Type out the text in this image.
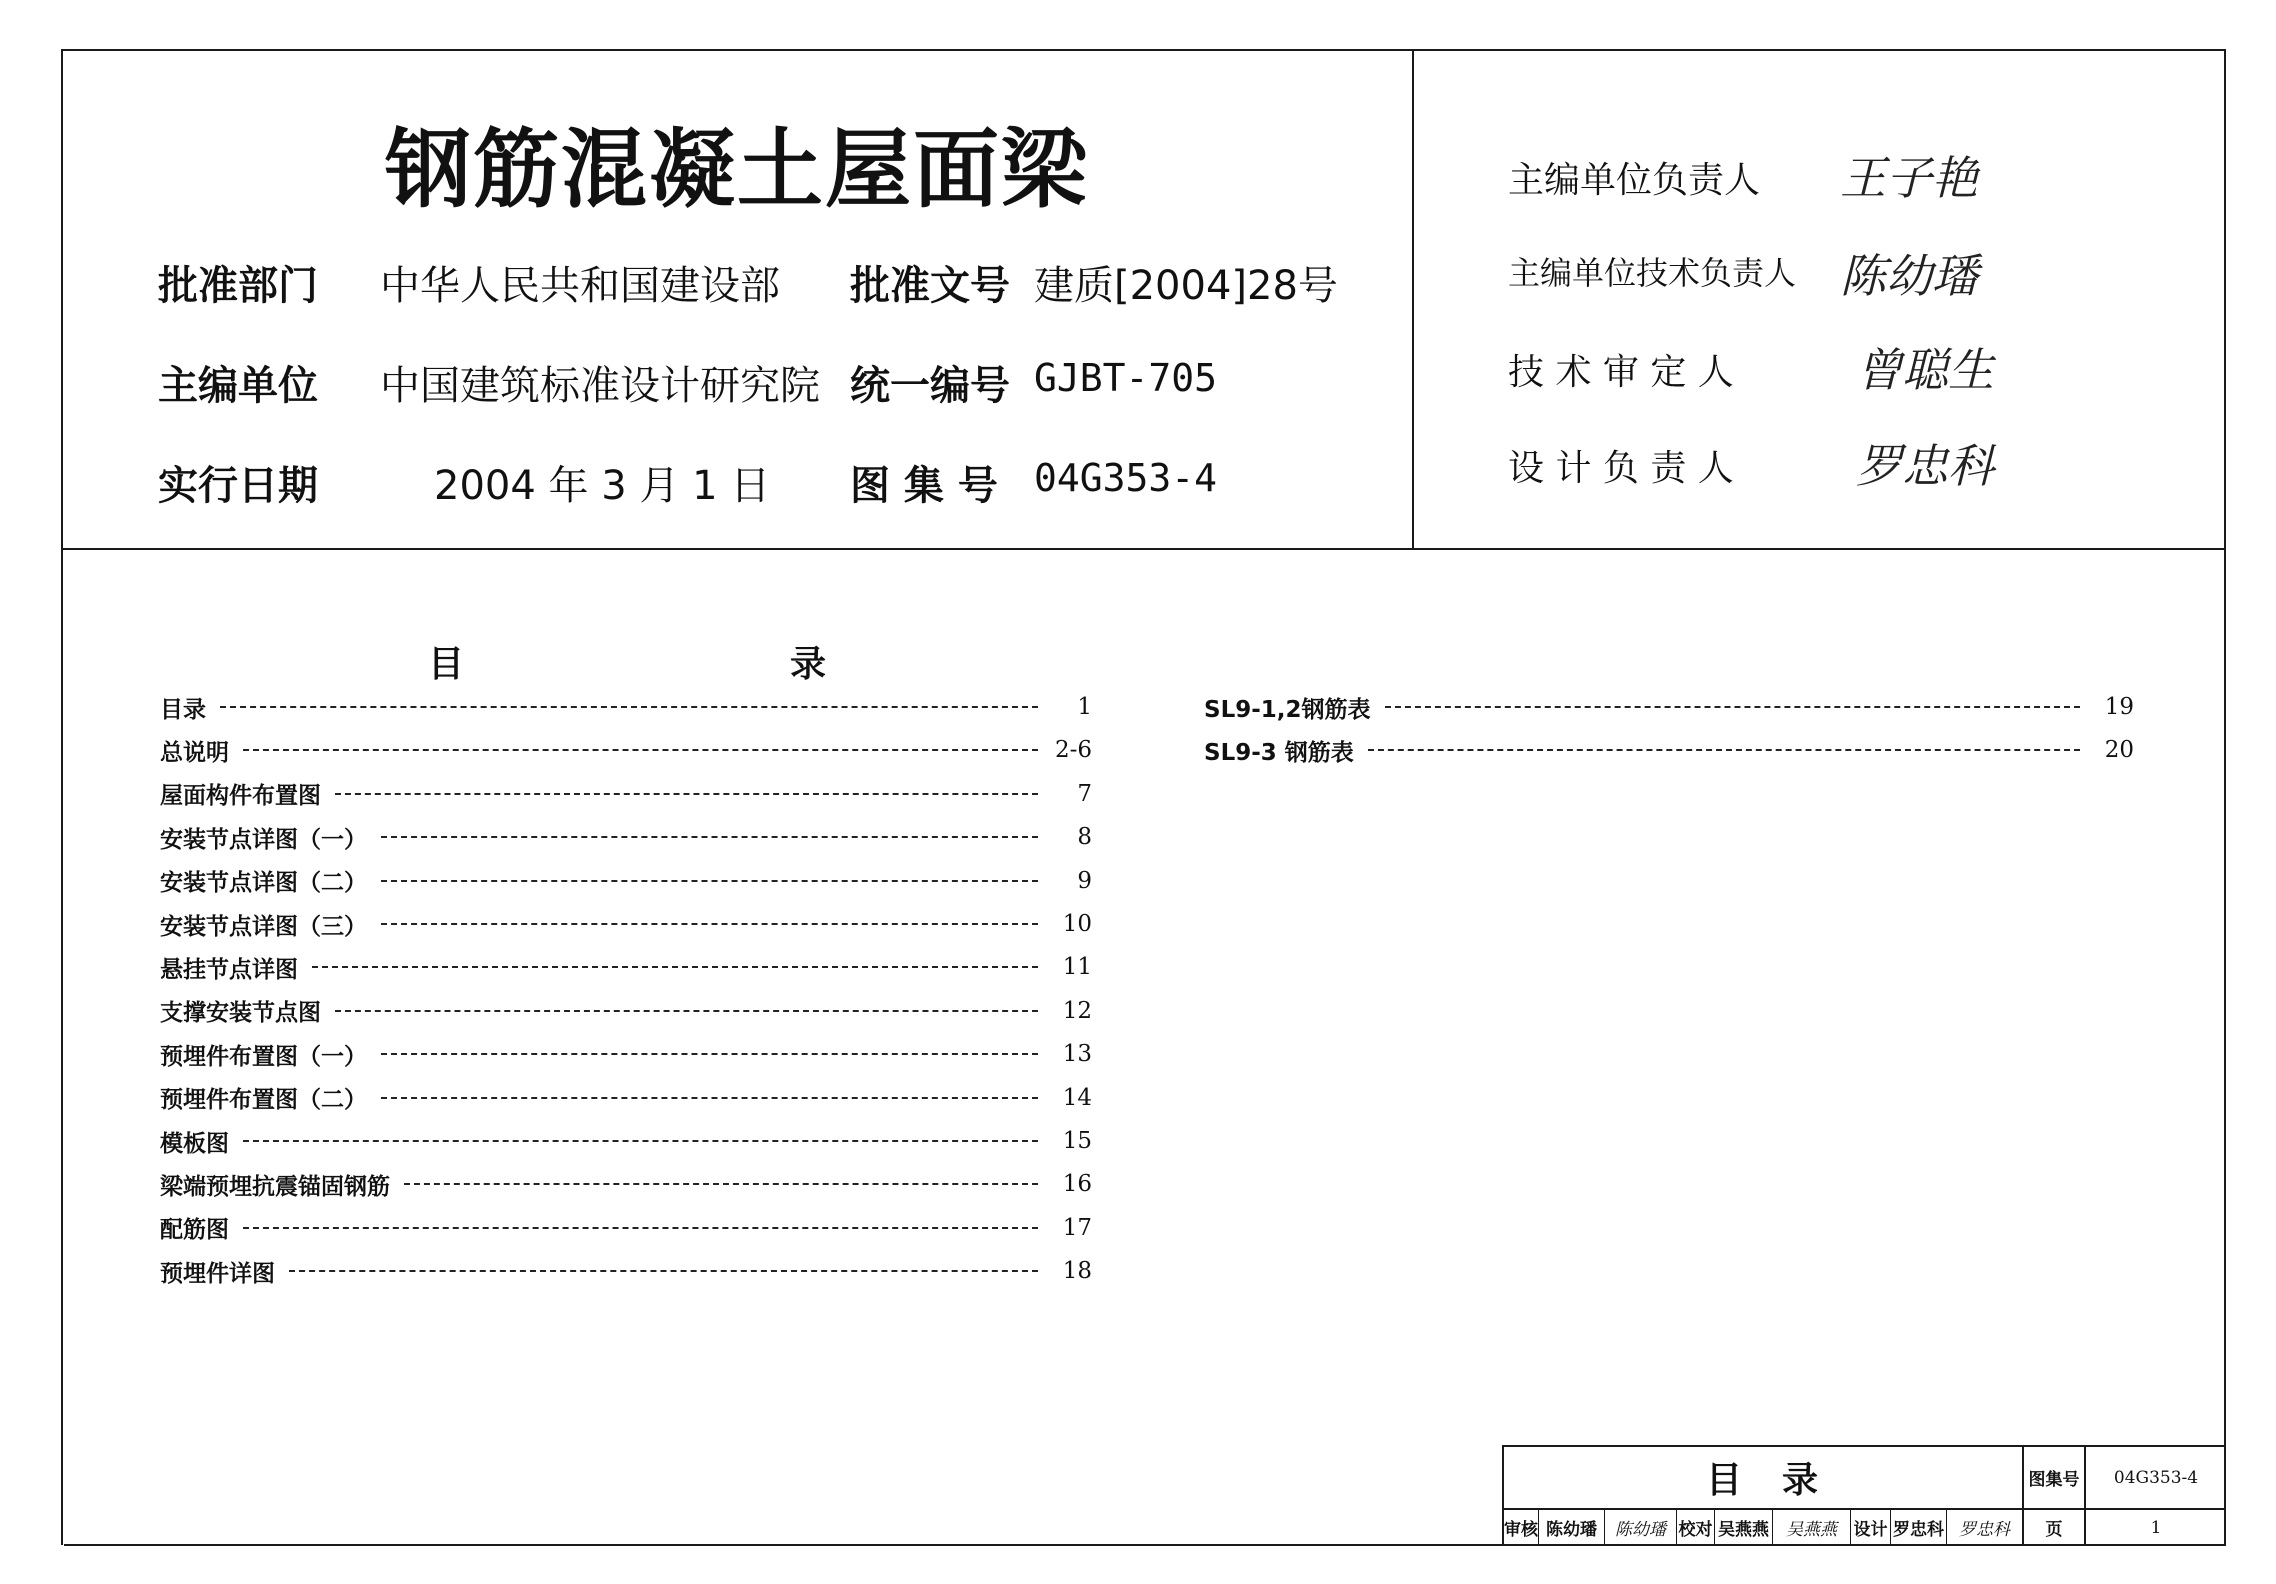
钢筋混凝土屋面梁
批准部门 中华人民共和国建设部 批准文号 建质[2004]28号
主编单位 中国建筑标准设计研究院 统一编号 GJBT-705
实行日期	2004 年 3 月 1 日 图 集 号 04G353-4
主编单位负责人 王子艳
主编单位技术负责人 陈幼璠
技 术 审 定 人	曾聪生
设 计 负 责 人	罗忠科
目	录
目录	1
总说明	2-6
屋面构件布置图	7
安装节点详图（一）	8
安装节点详图（二）	9
安装节点详图（三）	10
悬挂节点详图	11
支撑安装节点图	12
预埋件布置图（一）	13
预埋件布置图（二）	14
模板图	15
梁端预埋抗震锚固钢筋	16
配筋图	17
预埋件详图	18
SL9-1,2钢筋表	19
SL9-3 钢筋表	20
目　录	图集号	04G353-4
审核 陈幼璠	陈幼璠 校对 吴燕燕	吴燕燕 设计 罗忠科 罗忠科	页	1
